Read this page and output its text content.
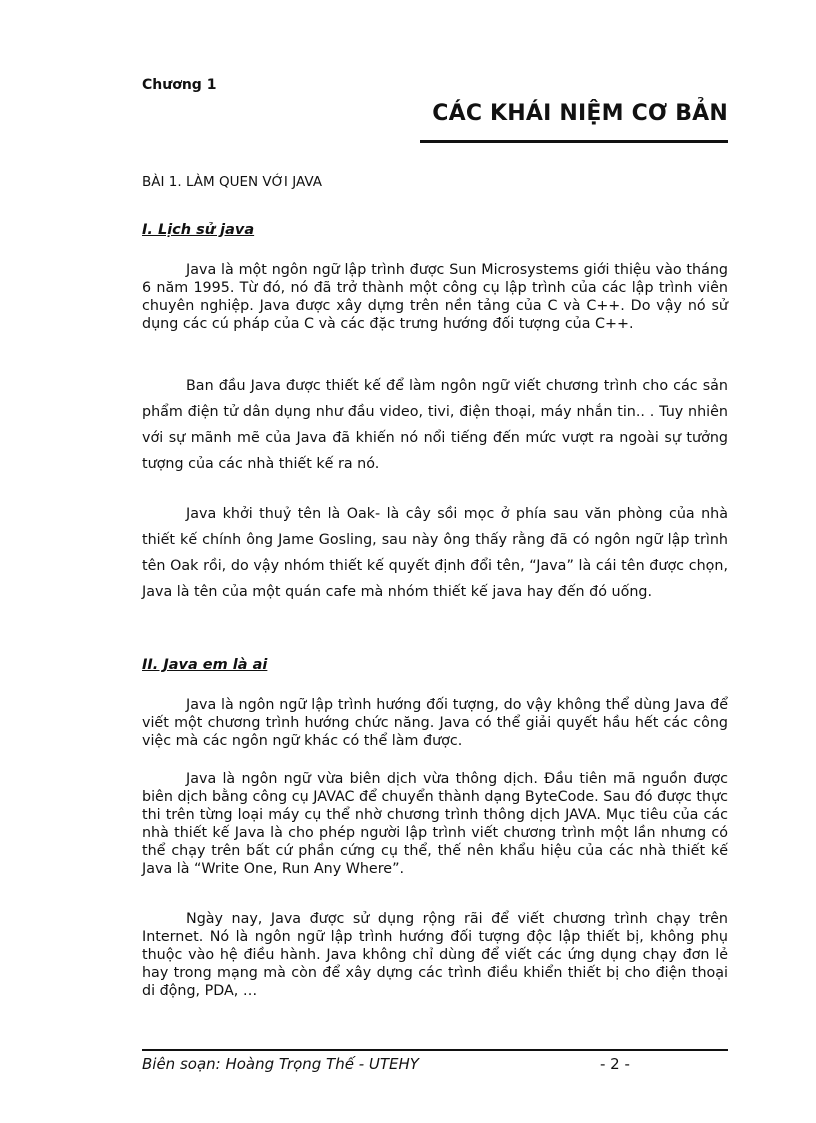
Chương 1
CÁC KHÁI NIỆM CƠ BẢN
BÀI 1. LÀM QUEN VỚI JAVA
I. Lịch sử java

Java là một ngôn ngữ lập trình được Sun Microsystems giới thiệu vào tháng 6 năm 1995. Từ đó, nó đã trở thành một công cụ lập trình của các lập trình viên chuyên nghiệp. Java được xây dựng trên nền tảng của C và C++. Do vậy nó sử dụng các cú pháp của C và các đặc trưng hướng đối tượng của C++.

Ban đầu Java được thiết kế để làm ngôn ngữ viết chương trình cho các sản phẩm điện tử dân dụng như đầu video, tivi, điện thoại, máy nhắn tin.. . Tuy nhiên với sự mãnh mẽ của Java đã khiến nó nổi tiếng đến mức vượt ra ngoài sự tưởng tượng của các nhà thiết kế ra nó.

Java khởi thuỷ tên là Oak- là cây sồi mọc ở phía sau văn phòng của nhà thiết kế chính ông Jame Gosling, sau này ông thấy rằng đã có ngôn ngữ lập trình tên Oak rồi, do vậy nhóm thiết kế quyết định đổi tên, “Java” là cái tên được chọn, Java là tên của một quán cafe mà nhóm thiết kế java hay đến đó uống.

II. Java em là ai

Java là ngôn ngữ lập trình hướng đối tượng, do vậy không thể dùng Java để viết một chương trình hướng chức năng. Java có thể giải quyết hầu hết các công việc mà các ngôn ngữ khác có thể làm được.

Java là ngôn ngữ vừa biên dịch vừa thông dịch. Đầu tiên mã nguồn được biên dịch bằng công cụ JAVAC để chuyển thành dạng ByteCode. Sau đó được thực thi trên từng loại máy cụ thể nhờ chương trình thông dịch JAVA. Mục tiêu của các nhà thiết kế Java là cho phép người lập trình viết chương trình một lần nhưng có thể chạy trên bất cứ phần cứng cụ thể, thế nên khẩu hiệu của các nhà thiết kế Java là “Write One, Run Any Where”.

Ngày nay, Java được sử dụng rộng rãi để viết chương trình chạy trên Internet. Nó là ngôn ngữ lập trình hướng đối tượng độc lập thiết bị, không phụ thuộc vào hệ điều hành. Java không chỉ dùng để viết các ứng dụng chạy đơn lẻ hay trong mạng mà còn để xây dựng các trình điều khiển thiết bị cho điện thoại di động, PDA, …

Biên soạn: Hoàng Trọng Thế - UTEHY	- 2 -
